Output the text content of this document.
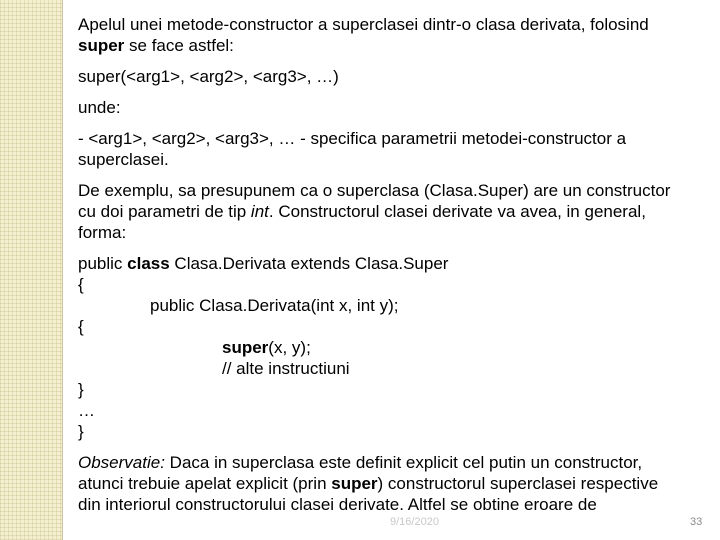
Apelul unei metode-constructor a superclasei dintr-o clasa derivata, folosind
super se face astfel:
super(<arg1>, <arg2>, <arg3>, …)
unde:
- <arg1>, <arg2>, <arg3>, … - specifica parametrii metodei-constructor a
superclasei.
De exemplu, sa presupunem ca o superclasa (Clasa.Super) are un constructor
cu doi parametri de tip int. Constructorul clasei derivate va avea, in general,
forma:
public class Clasa.Derivata extends Clasa.Super
{
public Clasa.Derivata(int x, int y);
{
super(x, y);
// alte instructiuni
}
…
}
Observatie: Daca in superclasa este definit explicit cel putin un constructor,
atunci trebuie apelat explicit (prin super) constructorul superclasei respective
din interiorul constructorului clasei derivate. Altfel se obtine eroare de
9/16/2020	33
